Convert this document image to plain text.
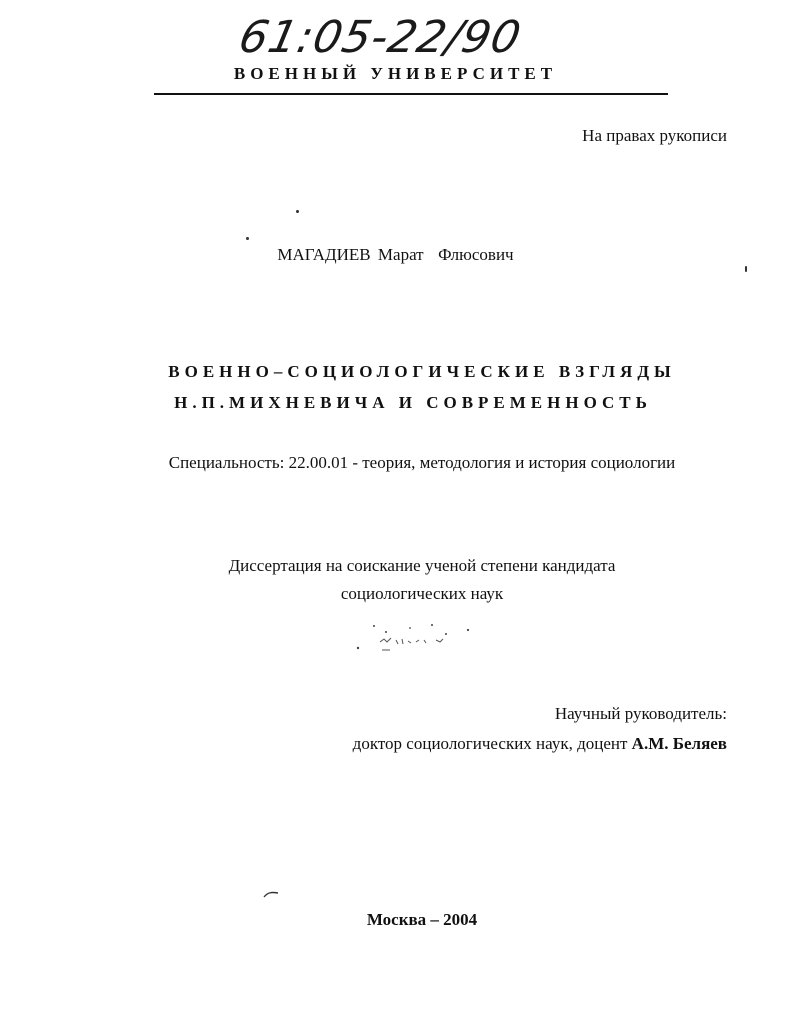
61:05-22/90
ВОЕННЫЙ УНИВЕРСИТЕТ
На правах рукописи
МАГАДИЕВ Марат  Флюсович
ВОЕННО–СОЦИОЛОГИЧЕСКИЕ ВЗГЛЯДЫ
Н.П.МИХНЕВИЧА И СОВРЕМЕННОСТЬ
Специальность: 22.00.01 - теория, методология и история социологии
Диссертация на соискание ученой степени кандидата
социологических наук
Научный руководитель:
доктор социологических наук, доцент А.М. Беляев
Москва – 2004
